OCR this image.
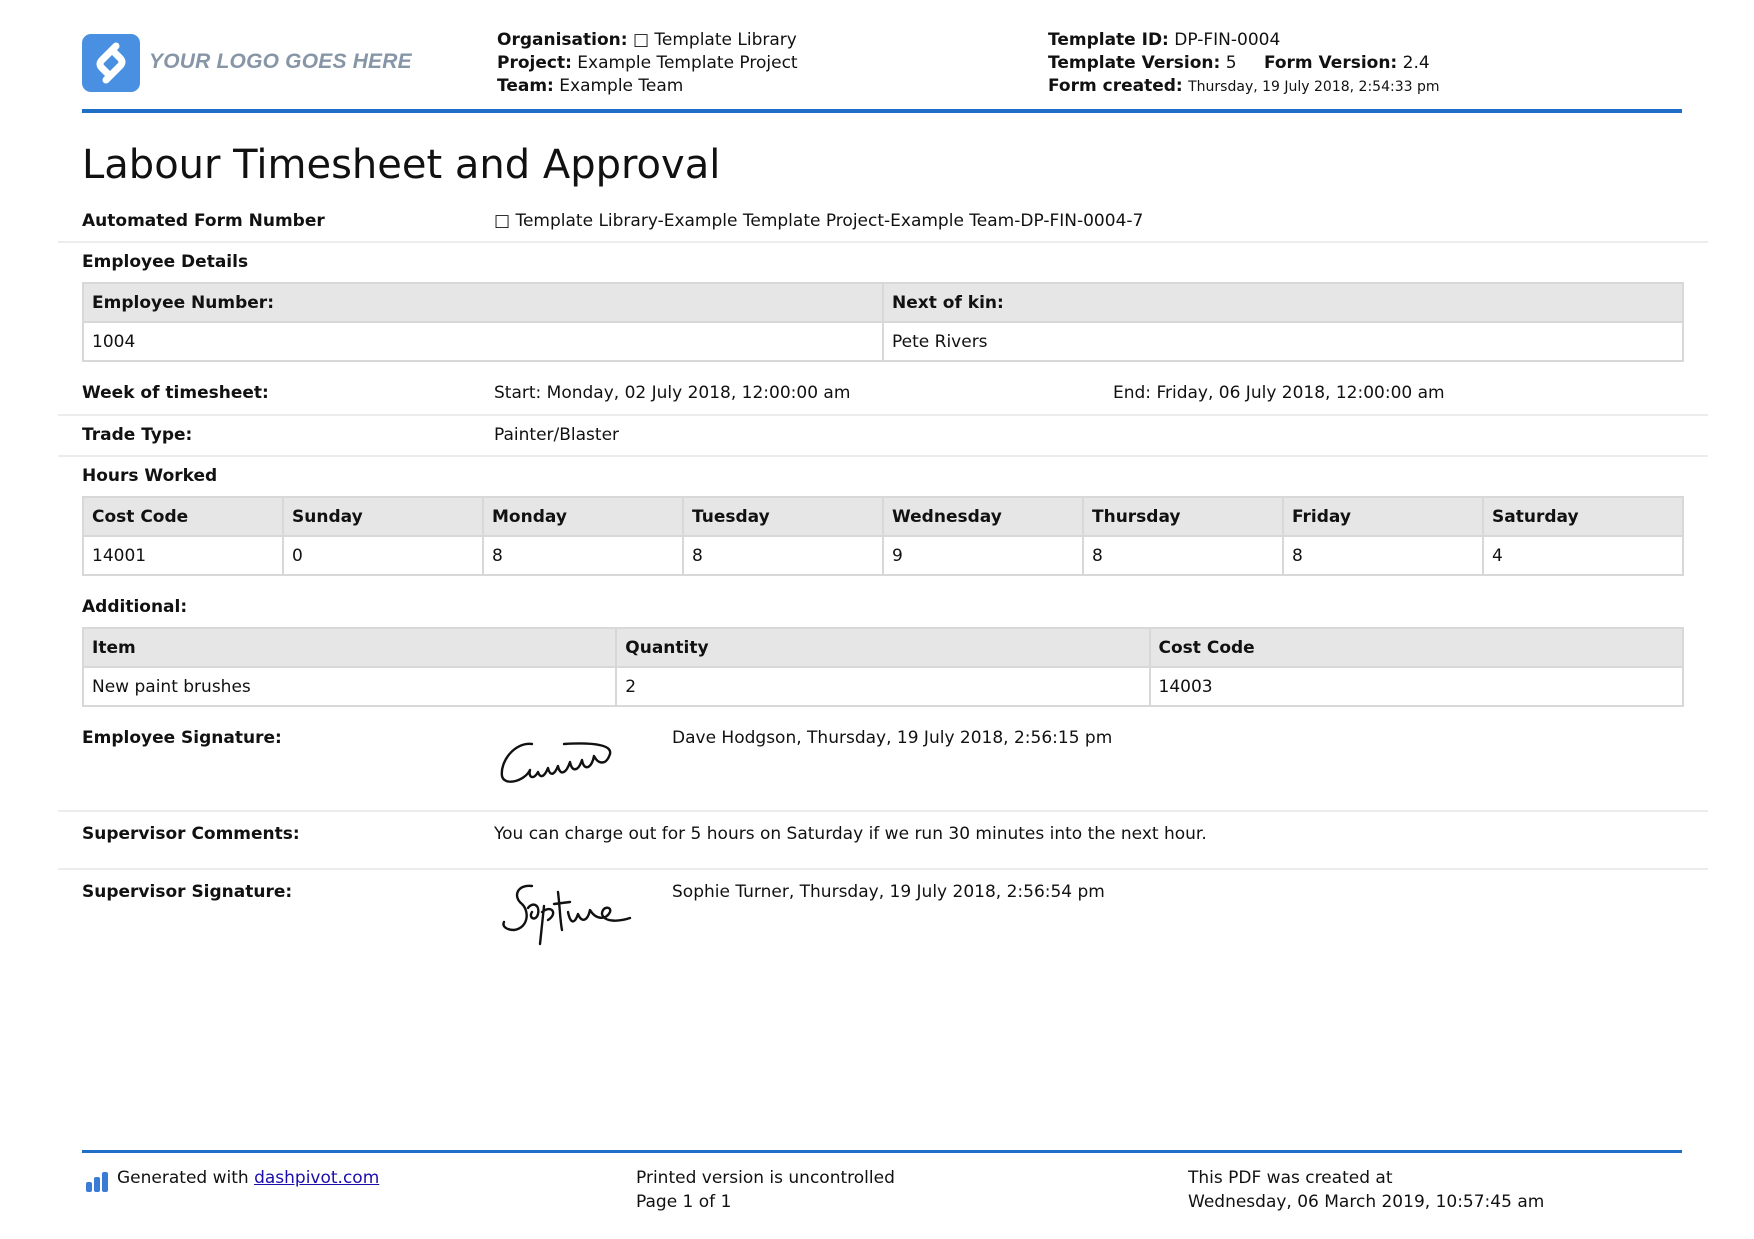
YOUR LOGO GOES HERE
Organisation: □ Template Library
Project: Example Template Project
Team: Example Team
Template ID: DP-FIN-0004
Template Version: 5 Form Version: 2.4
Form created: Thursday, 19 July 2018, 2:54:33 pm
Labour Timesheet and Approval
Automated Form Number	□ Template Library-Example Template Project-Example Team-DP-FIN-0004-7
Employee Details
Employee Number:	Next of kin:
1004	Pete Rivers
Week of timesheet:	Start: Monday, 02 July 2018, 12:00:00 am	End: Friday, 06 July 2018, 12:00:00 am
Trade Type:	Painter/Blaster
Hours Worked
Cost Code	Sunday	Monday	Tuesday	Wednesday	Thursday	Friday	Saturday
14001	0	8	8	9	8	8	4
Additional:
Item	Quantity	Cost Code
New paint brushes	2	14003
Employee Signature:	Dave Hodgson, Thursday, 19 July 2018, 2:56:15 pm
Supervisor Comments:	You can charge out for 5 hours on Saturday if we run 30 minutes into the next hour.
Supervisor Signature:	Sophie Turner, Thursday, 19 July 2018, 2:56:54 pm
Generated with dashpivot.com	Printed version is uncontrolled
Page 1 of 1
This PDF was created at
Wednesday, 06 March 2019, 10:57:45 am
